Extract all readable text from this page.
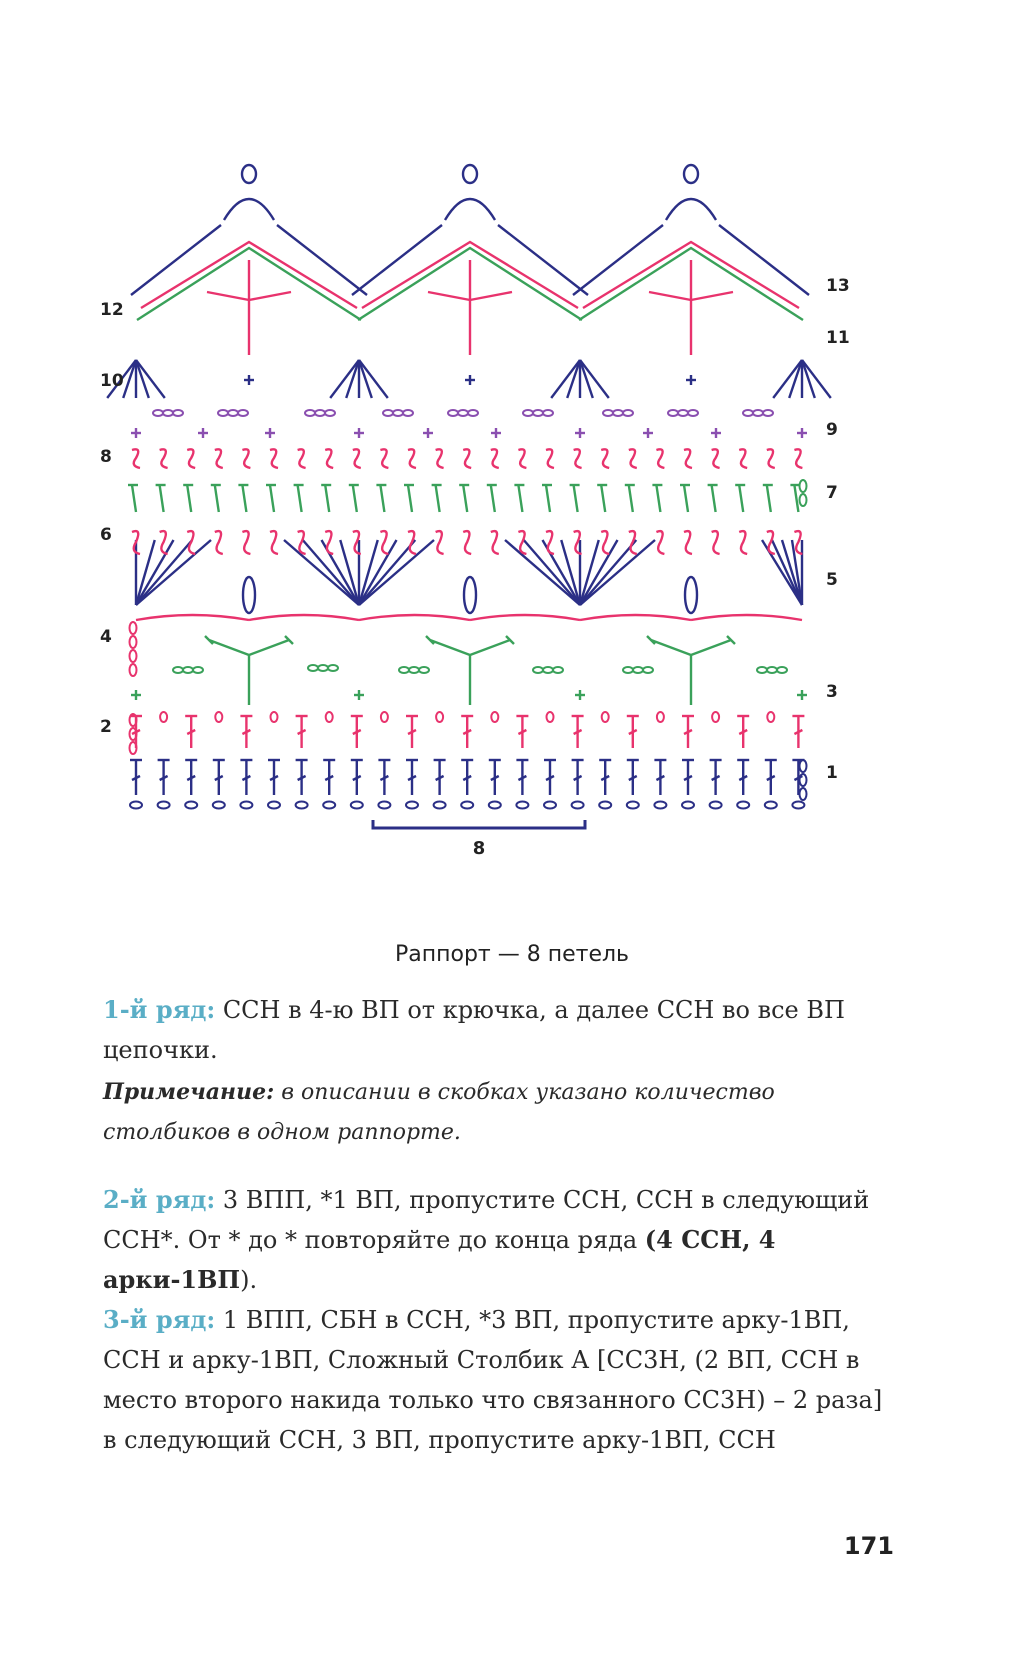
12
10
8
6
4
2
13
11
9
7
5
3
1
8
Раппорт — 8 петель
1-й ряд: ССН в 4-ю ВП от крючка, а далее ССН во все ВП цепочки.
Примечание: в описании в скобках указано количество столбиков в одном раппорте.
2-й ряд: 3 ВПП, *1 ВП, пропустите ССН, ССН в следующий ССН*. От * до * повторяйте до конца ряда (4 ССН, 4 арки-1ВП).
3-й ряд: 1 ВПП, СБН в ССН, *3 ВП, пропустите арку-1ВП, ССН и арку-1ВП, Сложный Столбик А [СС3Н, (2 ВП, ССН в место второго накида только что связанного СС3Н) – 2 раза] в следующий ССН, 3 ВП, пропустите арку-1ВП, ССН
171
